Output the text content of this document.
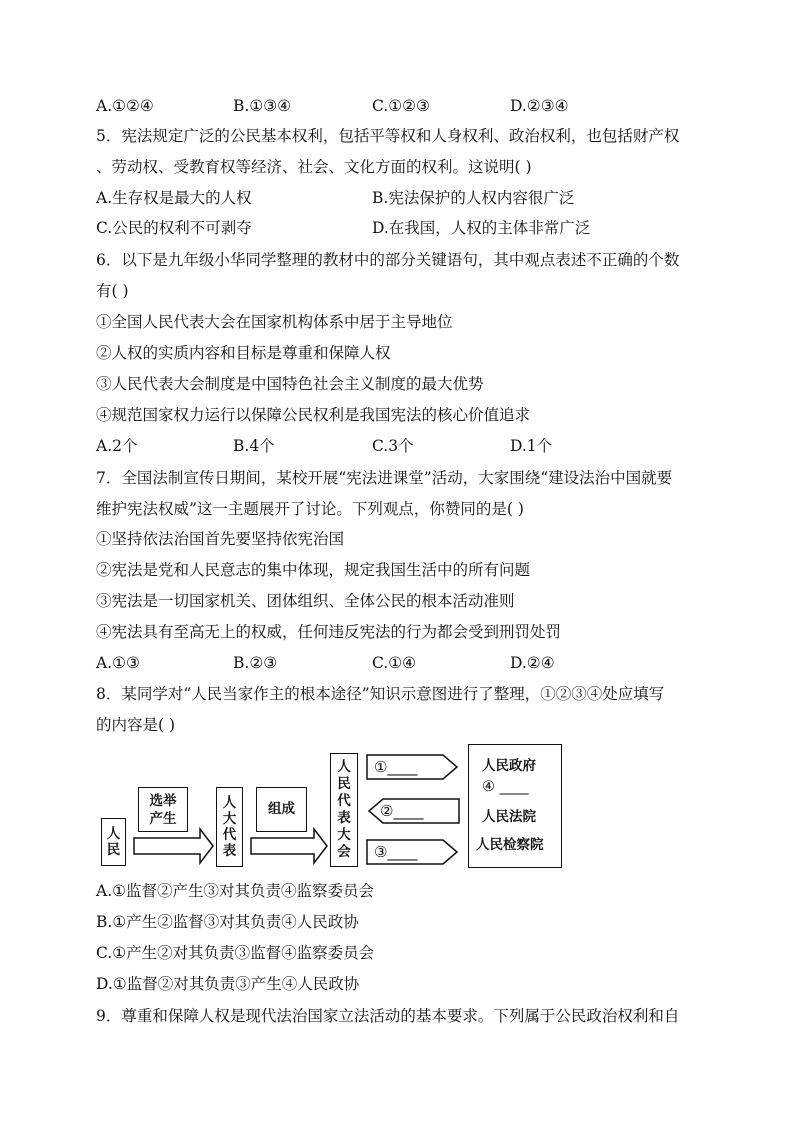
A.①②④	B.①③④	C.①②③	D.②③④
5．宪法规定广泛的公民基本权利，包括平等权和人身权利、政治权利，也包括财产权
、劳动权、受教育权等经济、社会、文化方面的权利。这说明( )
A.生存权是最大的人权	B.宪法保护的人权内容很广泛
C.公民的权利不可剥夺	D.在我国，人权的主体非常广泛
6．以下是九年级小华同学整理的教材中的部分关键语句，其中观点表述不正确的个数
有( )
①全国人民代表大会在国家机构体系中居于主导地位
②人权的实质内容和目标是尊重和保障人权
③人民代表大会制度是中国特色社会主义制度的最大优势
④规范国家权力运行以保障公民权利是我国宪法的核心价值追求
A.2个	B.4个	C.3个	D.1个
7．全国法制宣传日期间，某校开展“宪法进课堂”活动，大家围绕“建设法治中国就要
维护宪法权威”这一主题展开了讨论。下列观点，你赞同的是( )
①坚持依法治国首先要坚持依宪治国
②宪法是党和人民意志的集中体现，规定我国生活中的所有问题
③宪法是一切国家机关、团体组织、全体公民的根本活动准则
④宪法具有至高无上的权威，任何违反宪法的行为都会受到刑罚处罚
A.①③	B.②③	C.①④	D.②④
8．某同学对“人民当家作主的根本途径”知识示意图进行了整理，①②③④处应填写
的内容是( )
人
民
选举
产生
人
大
代
表
组成
人
民
代
表
大
会
①____
②____
③____
人民政府
④ ____
人民法院
人民检察院
A.①监督②产生③对其负责④监察委员会
B.①产生②监督③对其负责④人民政协
C.①产生②对其负责③监督④监察委员会
D.①监督②对其负责③产生④人民政协
9．尊重和保障人权是现代法治国家立法活动的基本要求。下列属于公民政治权利和自
